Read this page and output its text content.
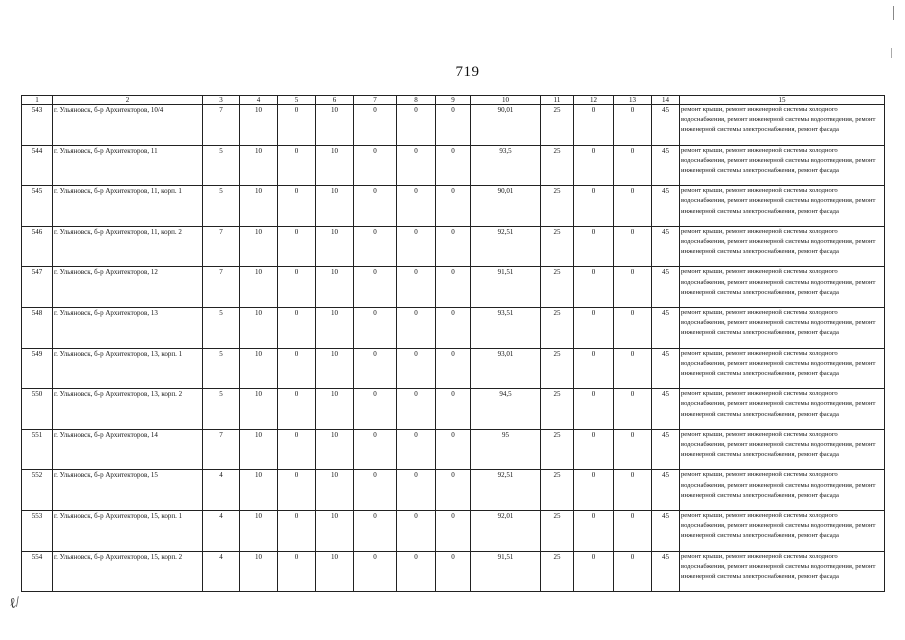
719
1	2	3	4	5	6	7	8	9	10	11	12	13	14	15
543	г. Ульяновск, б-р Архитекторов, 10/4	7	10	0	10	0	0	0	90,01	25	0	0	45	ремонт крыши, ремонт инженерной системы холодного водоснабжения, ремонт инженерной системы водоотведения, ремонт инженерной системы электроснабжения, ремонт фасада
544	г. Ульяновск, б-р Архитекторов, 11	5	10	0	10	0	0	0	93,5	25	0	0	45	ремонт крыши, ремонт инженерной системы холодного водоснабжения, ремонт инженерной системы водоотведения, ремонт инженерной системы электроснабжения, ремонт фасада
545	г. Ульяновск, б-р Архитекторов, 11, корп. 1	5	10	0	10	0	0	0	90,01	25	0	0	45	ремонт крыши, ремонт инженерной системы холодного водоснабжения, ремонт инженерной системы водоотведения, ремонт инженерной системы электроснабжения, ремонт фасада
546	г. Ульяновск, б-р Архитекторов, 11, корп. 2	7	10	0	10	0	0	0	92,51	25	0	0	45	ремонт крыши, ремонт инженерной системы холодного водоснабжения, ремонт инженерной системы водоотведения, ремонт инженерной системы электроснабжения, ремонт фасада
547	г. Ульяновск, б-р Архитекторов, 12	7	10	0	10	0	0	0	91,51	25	0	0	45	ремонт крыши, ремонт инженерной системы холодного водоснабжения, ремонт инженерной системы водоотведения, ремонт инженерной системы электроснабжения, ремонт фасада
548	г. Ульяновск, б-р Архитекторов, 13	5	10	0	10	0	0	0	93,51	25	0	0	45	ремонт крыши, ремонт инженерной системы холодного водоснабжения, ремонт инженерной системы водоотведения, ремонт инженерной системы электроснабжения, ремонт фасада
549	г. Ульяновск, б-р Архитекторов, 13, корп. 1	5	10	0	10	0	0	0	93,01	25	0	0	45	ремонт крыши, ремонт инженерной системы холодного водоснабжения, ремонт инженерной системы водоотведения, ремонт инженерной системы электроснабжения, ремонт фасада
550	г. Ульяновск, б-р Архитекторов, 13, корп. 2	5	10	0	10	0	0	0	94,5	25	0	0	45	ремонт крыши, ремонт инженерной системы холодного водоснабжения, ремонт инженерной системы водоотведения, ремонт инженерной системы электроснабжения, ремонт фасада
551	г. Ульяновск, б-р Архитекторов, 14	7	10	0	10	0	0	0	95	25	0	0	45	ремонт крыши, ремонт инженерной системы холодного водоснабжения, ремонт инженерной системы водоотведения, ремонт инженерной системы электроснабжения, ремонт фасада
552	г. Ульяновск, б-р Архитекторов, 15	4	10	0	10	0	0	0	92,51	25	0	0	45	ремонт крыши, ремонт инженерной системы холодного водоснабжения, ремонт инженерной системы водоотведения, ремонт инженерной системы электроснабжения, ремонт фасада
553	г. Ульяновск, б-р Архитекторов, 15, корп. 1	4	10	0	10	0	0	0	92,01	25	0	0	45	ремонт крыши, ремонт инженерной системы холодного водоснабжения, ремонт инженерной системы водоотведения, ремонт инженерной системы электроснабжения, ремонт фасада
554	г. Ульяновск, б-р Архитекторов, 15, корп. 2	4	10	0	10	0	0	0	91,51	25	0	0	45	ремонт крыши, ремонт инженерной системы холодного водоснабжения, ремонт инженерной системы водоотведения, ремонт инженерной системы электроснабжения, ремонт фасада
ℓ/
